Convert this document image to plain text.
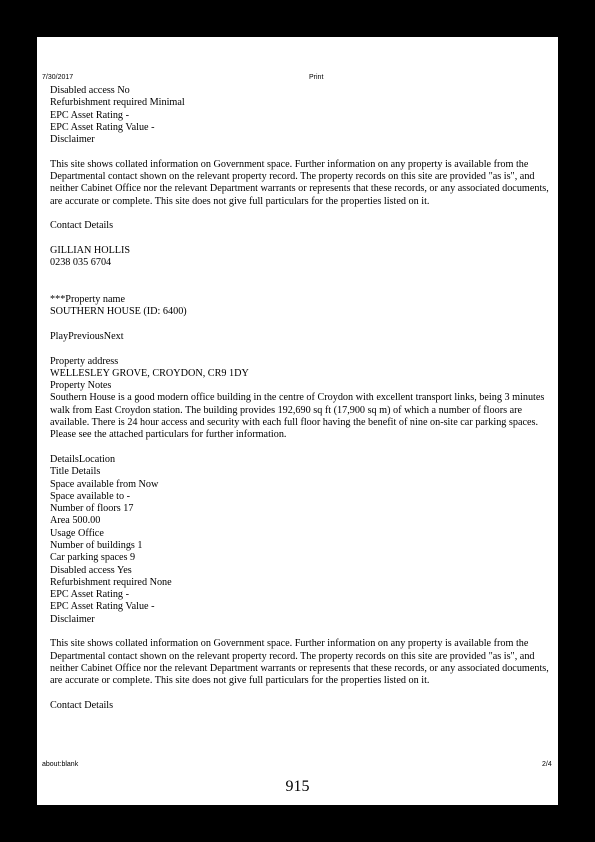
7/30/2017	Print
Disabled access No
Refurbishment required Minimal
EPC Asset Rating -
EPC Asset Rating Value -
Disclaimer
This site shows collated information on Government space. Further information on any property is available from the Departmental contact shown on the relevant property record. The property records on this site are provided "as is", and neither Cabinet Office nor the relevant Department warrants or represents that these records, or any associated documents, are accurate or complete. This site does not give full particulars for the properties listed on it.
Contact Details
GILLIAN HOLLIS
0238 035 6704
***Property name
SOUTHERN HOUSE (ID: 6400)
PlayPreviousNext
Property address
WELLESLEY GROVE, CROYDON, CR9 1DY
Property Notes
Southern House is a good modern office building in the centre of Croydon with excellent transport links, being 3 minutes walk from East Croydon station. The building provides 192,690 sq ft (17,900 sq m) of which a number of floors are available. There is 24 hour access and security with each full floor having the benefit of nine on-site car parking spaces. Please see the attached particulars for further information.
DetailsLocation
Title Details
Space available from Now
Space available to -
Number of floors 17
Area 500.00
Usage Office
Number of buildings 1
Car parking spaces 9
Disabled access Yes
Refurbishment required None
EPC Asset Rating -
EPC Asset Rating Value -
Disclaimer
This site shows collated information on Government space. Further information on any property is available from the Departmental contact shown on the relevant property record. The property records on this site are provided "as is", and neither Cabinet Office nor the relevant Department warrants or represents that these records, or any associated documents, are accurate or complete. This site does not give full particulars for the properties listed on it.
Contact Details
about:blank	2/4
915
